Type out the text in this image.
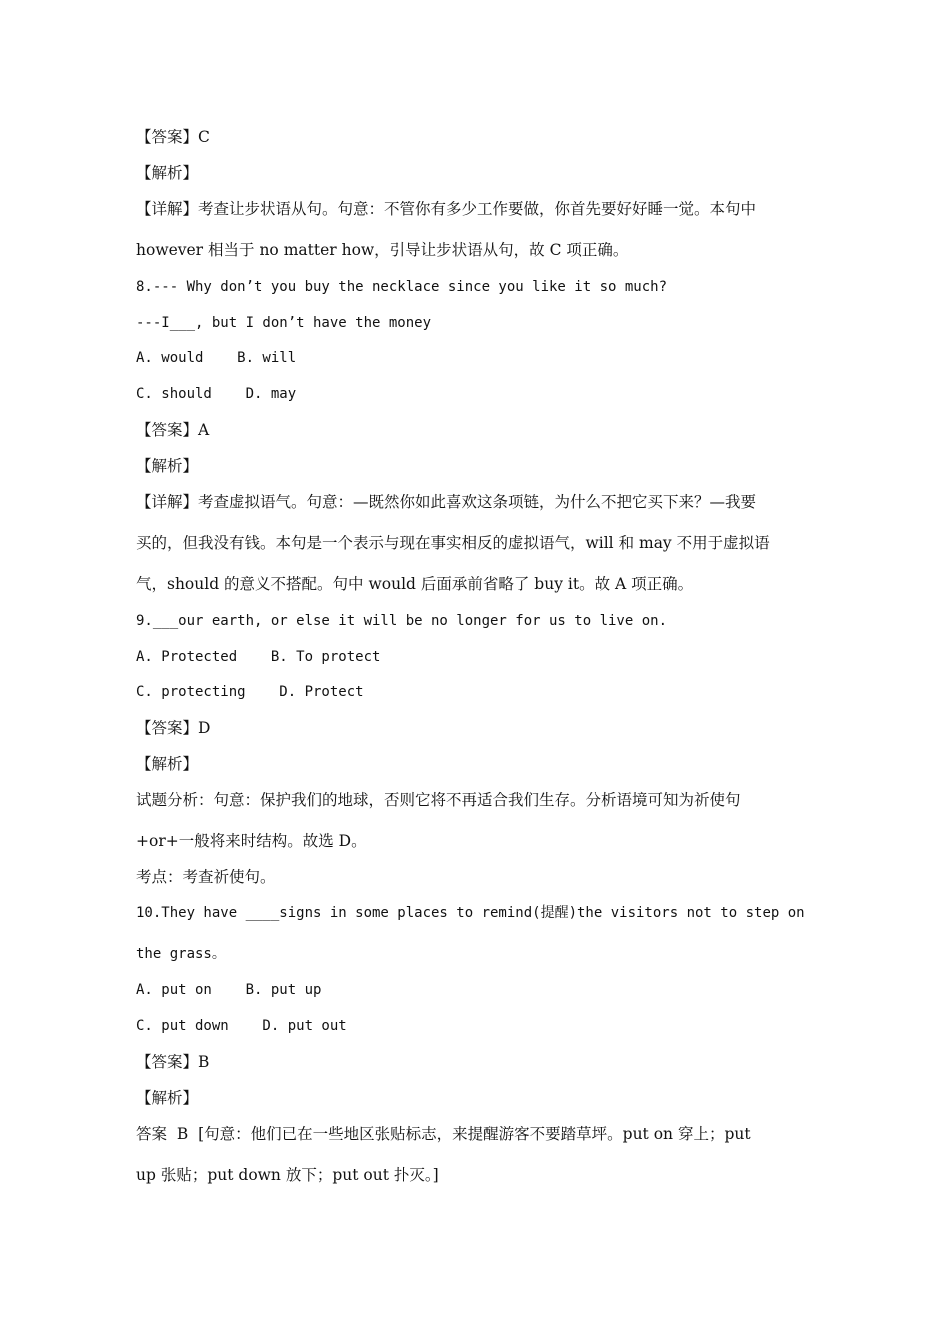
【答案】C
【解析】
【详解】考查让步状语从句。句意：不管你有多少工作要做，你首先要好好睡一觉。本句中
however 相当于 no matter how，引导让步状语从句，故 C 项正确。
8.--- Why don’t you buy the necklace since you like it so much?
---I___, but I don’t have the money
A. would    B. will
C. should    D. may
【答案】A
【解析】
【详解】考查虚拟语气。句意：—既然你如此喜欢这条项链，为什么不把它买下来？—我要
买的，但我没有钱。本句是一个表示与现在事实相反的虚拟语气，will 和 may 不用于虚拟语
气，should 的意义不搭配。句中 would 后面承前省略了 buy it。故 A 项正确。
9.___our earth, or else it will be no longer for us to live on.
A. Protected    B. To protect
C. protecting    D. Protect
【答案】D
【解析】
试题分析：句意：保护我们的地球，否则它将不再适合我们生存。分析语境可知为祈使句
+or+一般将来时结构。故选 D。
考点：考查祈使句。
10.They have ____signs in some places to remind(提醒)the visitors not to step on
the grass。
A. put on    B. put up
C. put down    D. put out
【答案】B
【解析】
答案  B  [句意：他们已在一些地区张贴标志，来提醒游客不要踏草坪。put on 穿上；put
up 张贴；put down 放下；put out 扑灭。]
